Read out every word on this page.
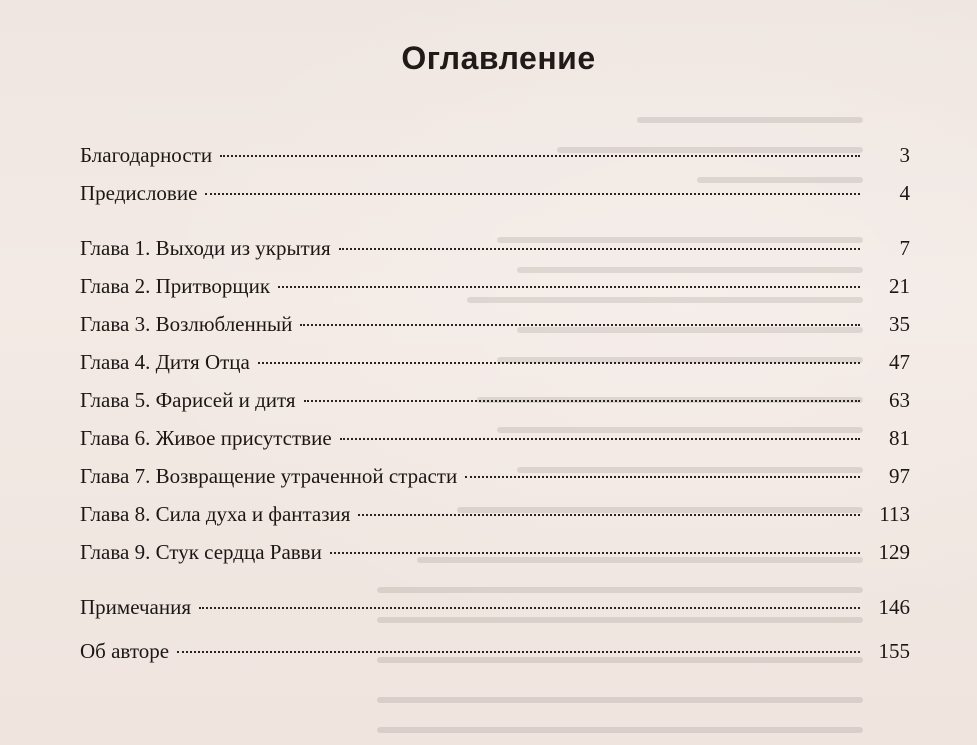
Оглавление
Благодарности	3
Предисловие	4
Глава 1. Выходи из укрытия	7
Глава 2. Притворщик	21
Глава 3. Возлюбленный	35
Глава 4. Дитя Отца	47
Глава 5. Фарисей и дитя	63
Глава 6. Живое присутствие	81
Глава 7. Возвращение утраченной страсти	97
Глава 8. Сила духа и фантазия	113
Глава 9. Стук сердца Равви	129
Примечания	146
Об авторе	155
